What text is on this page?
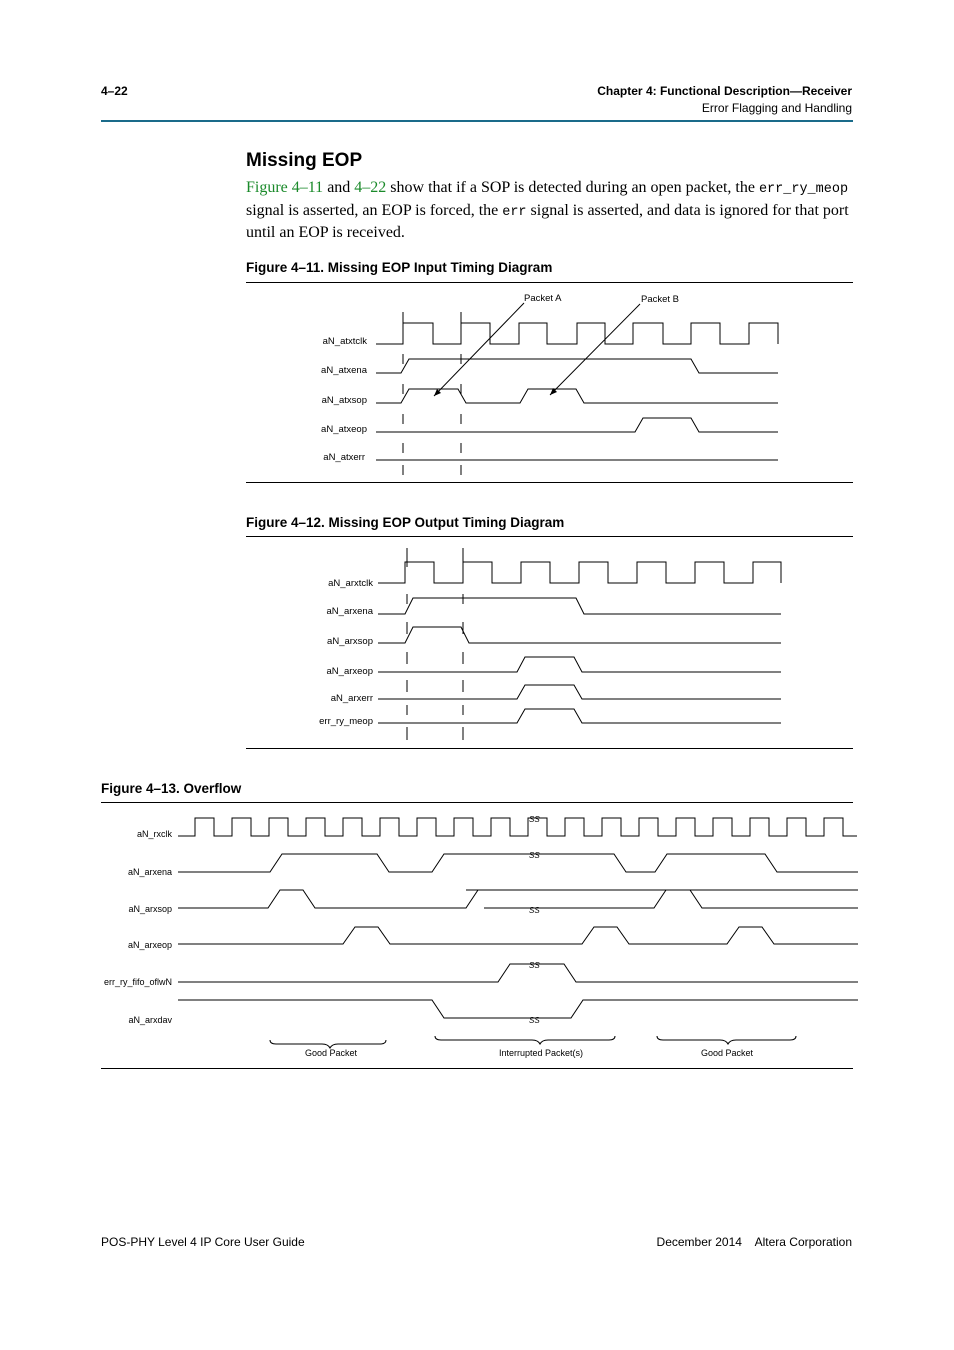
4–22	Chapter 4: Functional Description—Receiver
Error Flagging and Handling
Missing EOP
Figure 4–11 and 4–22 show that if a SOP is detected during an open packet, the err_ry_meop signal is asserted, an EOP is forced, the err signal is asserted, and data is ignored for that port until an EOP is received.
Figure 4–11. Missing EOP Input Timing Diagram
Packet A	Packet B
aN_atxtclk
aN_atxena
aN_atxsop
aN_atxeop
aN_atxerr
Figure 4–12. Missing EOP Output Timing Diagram
aN_arxtclk
aN_arxena
aN_arxsop
aN_arxeop
aN_arxerr
err_ry_meop
Figure 4–13. Overflow
SS
SS
SS
SS
SS
aN_rxclk
aN_arxena
aN_arxsop
aN_arxeop
err_ry_fifo_oflwN
aN_arxdav
Good Packet	Interrupted Packet(s)	Good Packet
POS-PHY Level 4 IP Core User Guide	December 2014    Altera Corporation
